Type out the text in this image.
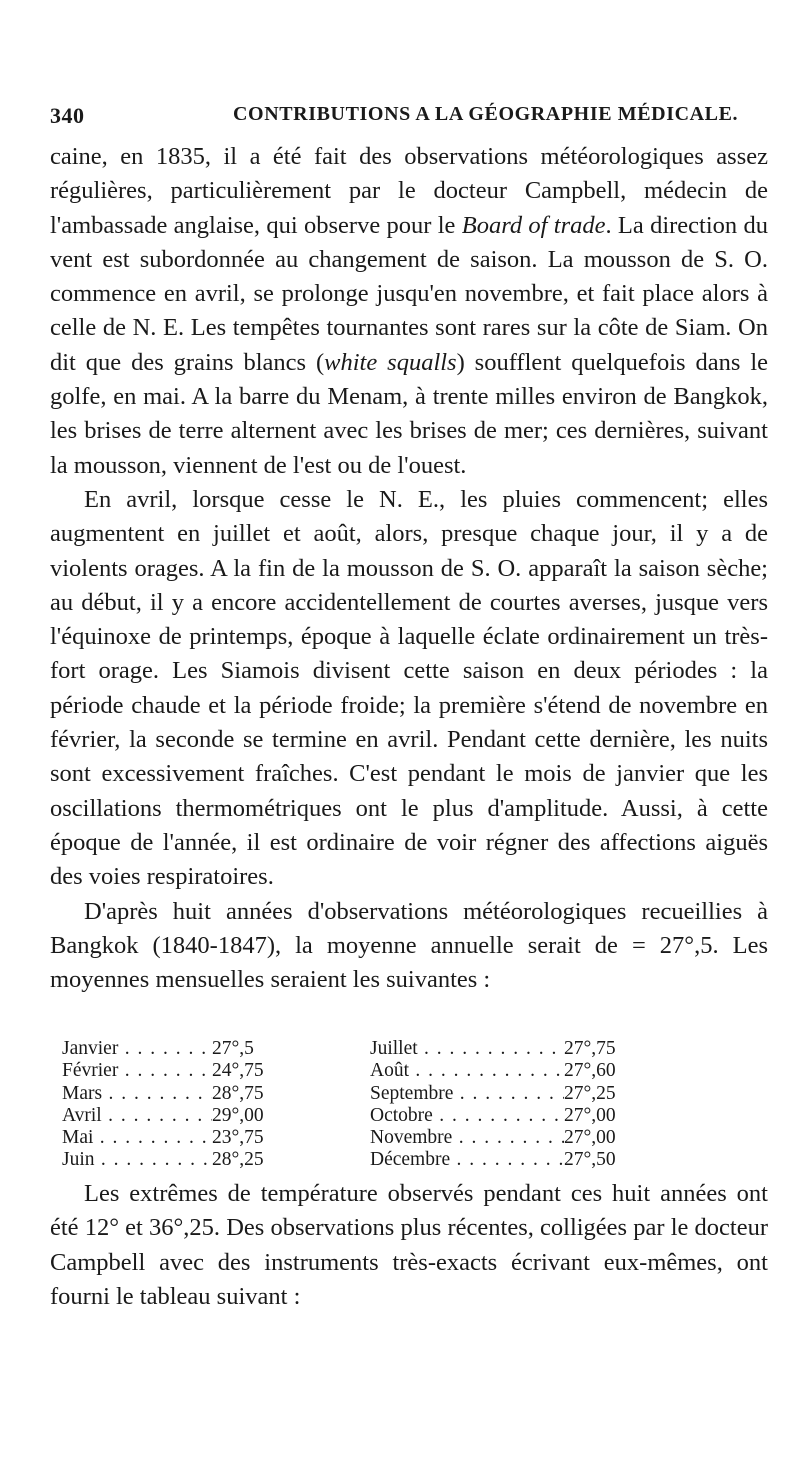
340	CONTRIBUTIONS A LA GÉOGRAPHIE MÉDICALE.

caine, en 1835, il a été fait des observations météorologiques assez régulières, particulièrement par le docteur Campbell, médecin de l'ambassade anglaise, qui observe pour le Board of trade. La direction du vent est subordonnée au changement de saison. La mousson de S. O. commence en avril, se prolonge jusqu'en novembre, et fait place alors à celle de N. E. Les tempêtes tournantes sont rares sur la côte de Siam. On dit que des grains blancs (white squalls) soufflent quelquefois dans le golfe, en mai. A la barre du Menam, à trente milles environ de Bangkok, les brises de terre alternent avec les brises de mer; ces dernières, suivant la mousson, viennent de l'est ou de l'ouest.

En avril, lorsque cesse le N. E., les pluies commencent; elles augmentent en juillet et août, alors, presque chaque jour, il y a de violents orages. A la fin de la mousson de S. O. apparaît la saison sèche; au début, il y a encore accidentellement de courtes averses, jusque vers l'équinoxe de printemps, époque à laquelle éclate ordinairement un très-fort orage. Les Siamois divisent cette saison en deux périodes : la période chaude et la période froide; la première s'étend de novembre en février, la seconde se termine en avril. Pendant cette dernière, les nuits sont excessivement fraîches. C'est pendant le mois de janvier que les oscillations thermométriques ont le plus d'amplitude. Aussi, à cette époque de l'année, il est ordinaire de voir régner des affections aiguës des voies respiratoires.

D'après huit années d'observations météorologiques recueillies à Bangkok (1840-1847), la moyenne annuelle serait de = 27°,5. Les moyennes mensuelles seraient les suivantes :

Janvier . . .	27°,5	Juillet . . .	27°,75
Février . . .	24°,75	Août . . .	27°,60
Mars . . .	28°,75	Septembre . . .	27°,25
Avril . . .	29°,00	Octobre . . .	27°,00
Mai . . .	23°,75	Novembre . . .	27°,00
Juin . . .	28°,25	Décembre . . .	27°,50

Les extrêmes de température observés pendant ces huit années ont été 12° et 36°,25. Des observations plus récentes, colligées par le docteur Campbell avec des instruments très-exacts écrivant eux-mêmes, ont fourni le tableau suivant :
